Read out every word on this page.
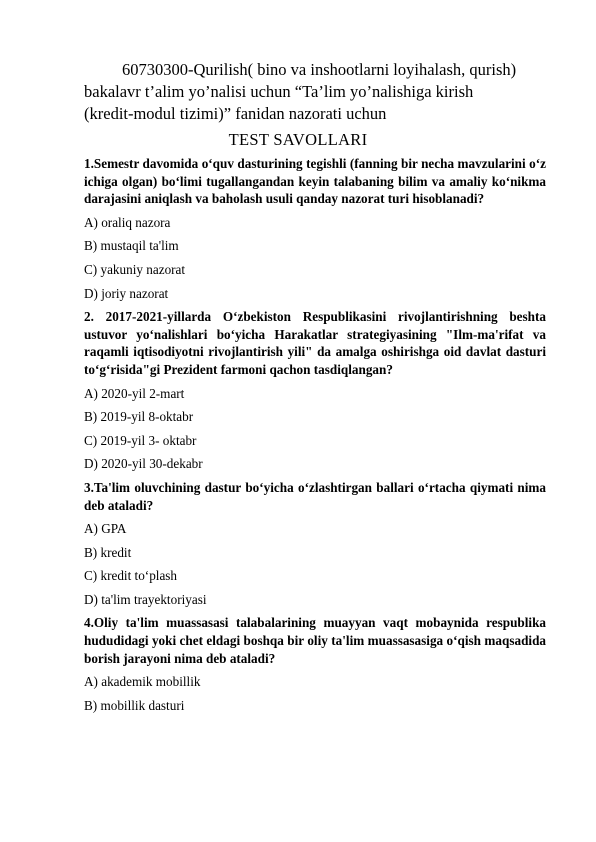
60730300-Qurilish( bino va inshootlarni loyihalash, qurish)
bakalavr t’alim yo’nalisi uchun “Ta’lim yo’nalishiga kirish
(kredit-modul tizimi)” fanidan nazorati uchun
TEST SAVOLLARI

1.Semestr davomida o‘quv dasturining tegishli (fanning bir necha mavzularini o‘z ichiga olgan) bo‘limi tugallangandan keyin talabaning bilim va amaliy ko‘nikma darajasini aniqlash va baholash usuli qanday nazorat turi hisoblanadi?

A) oraliq nazora
B) mustaqil ta'lim
C) yakuniy nazorat
D) joriy nazorat

2. 2017-2021-yillarda O‘zbekiston Respublikasini rivojlantirishning beshta ustuvor yo‘nalishlari bo‘yicha Harakatlar strategiyasining "Ilm-ma'rifat va raqamli iqtisodiyotni rivojlantirish yili" da amalga oshirishga oid davlat dasturi to‘g‘risida"gi Prezident farmoni qachon tasdiqlangan?

A) 2020-yil 2-mart
B) 2019-yil 8-oktabr
C) 2019-yil 3- oktabr
D) 2020-yil 30-dekabr

3.Ta'lim oluvchining dastur bo‘yicha o‘zlashtirgan ballari o‘rtacha qiymati nima deb ataladi?

A) GPA
B) kredit
C) kredit to‘plash
D) ta'lim trayektoriyasi

4.Oliy ta'lim muassasasi talabalarining muayyan vaqt mobaynida respublika hududidagi yoki chet eldagi boshqa bir oliy ta'lim muassasasiga o‘qish maqsadida borish jarayoni nima deb ataladi?

A) akademik mobillik
B) mobillik dasturi
